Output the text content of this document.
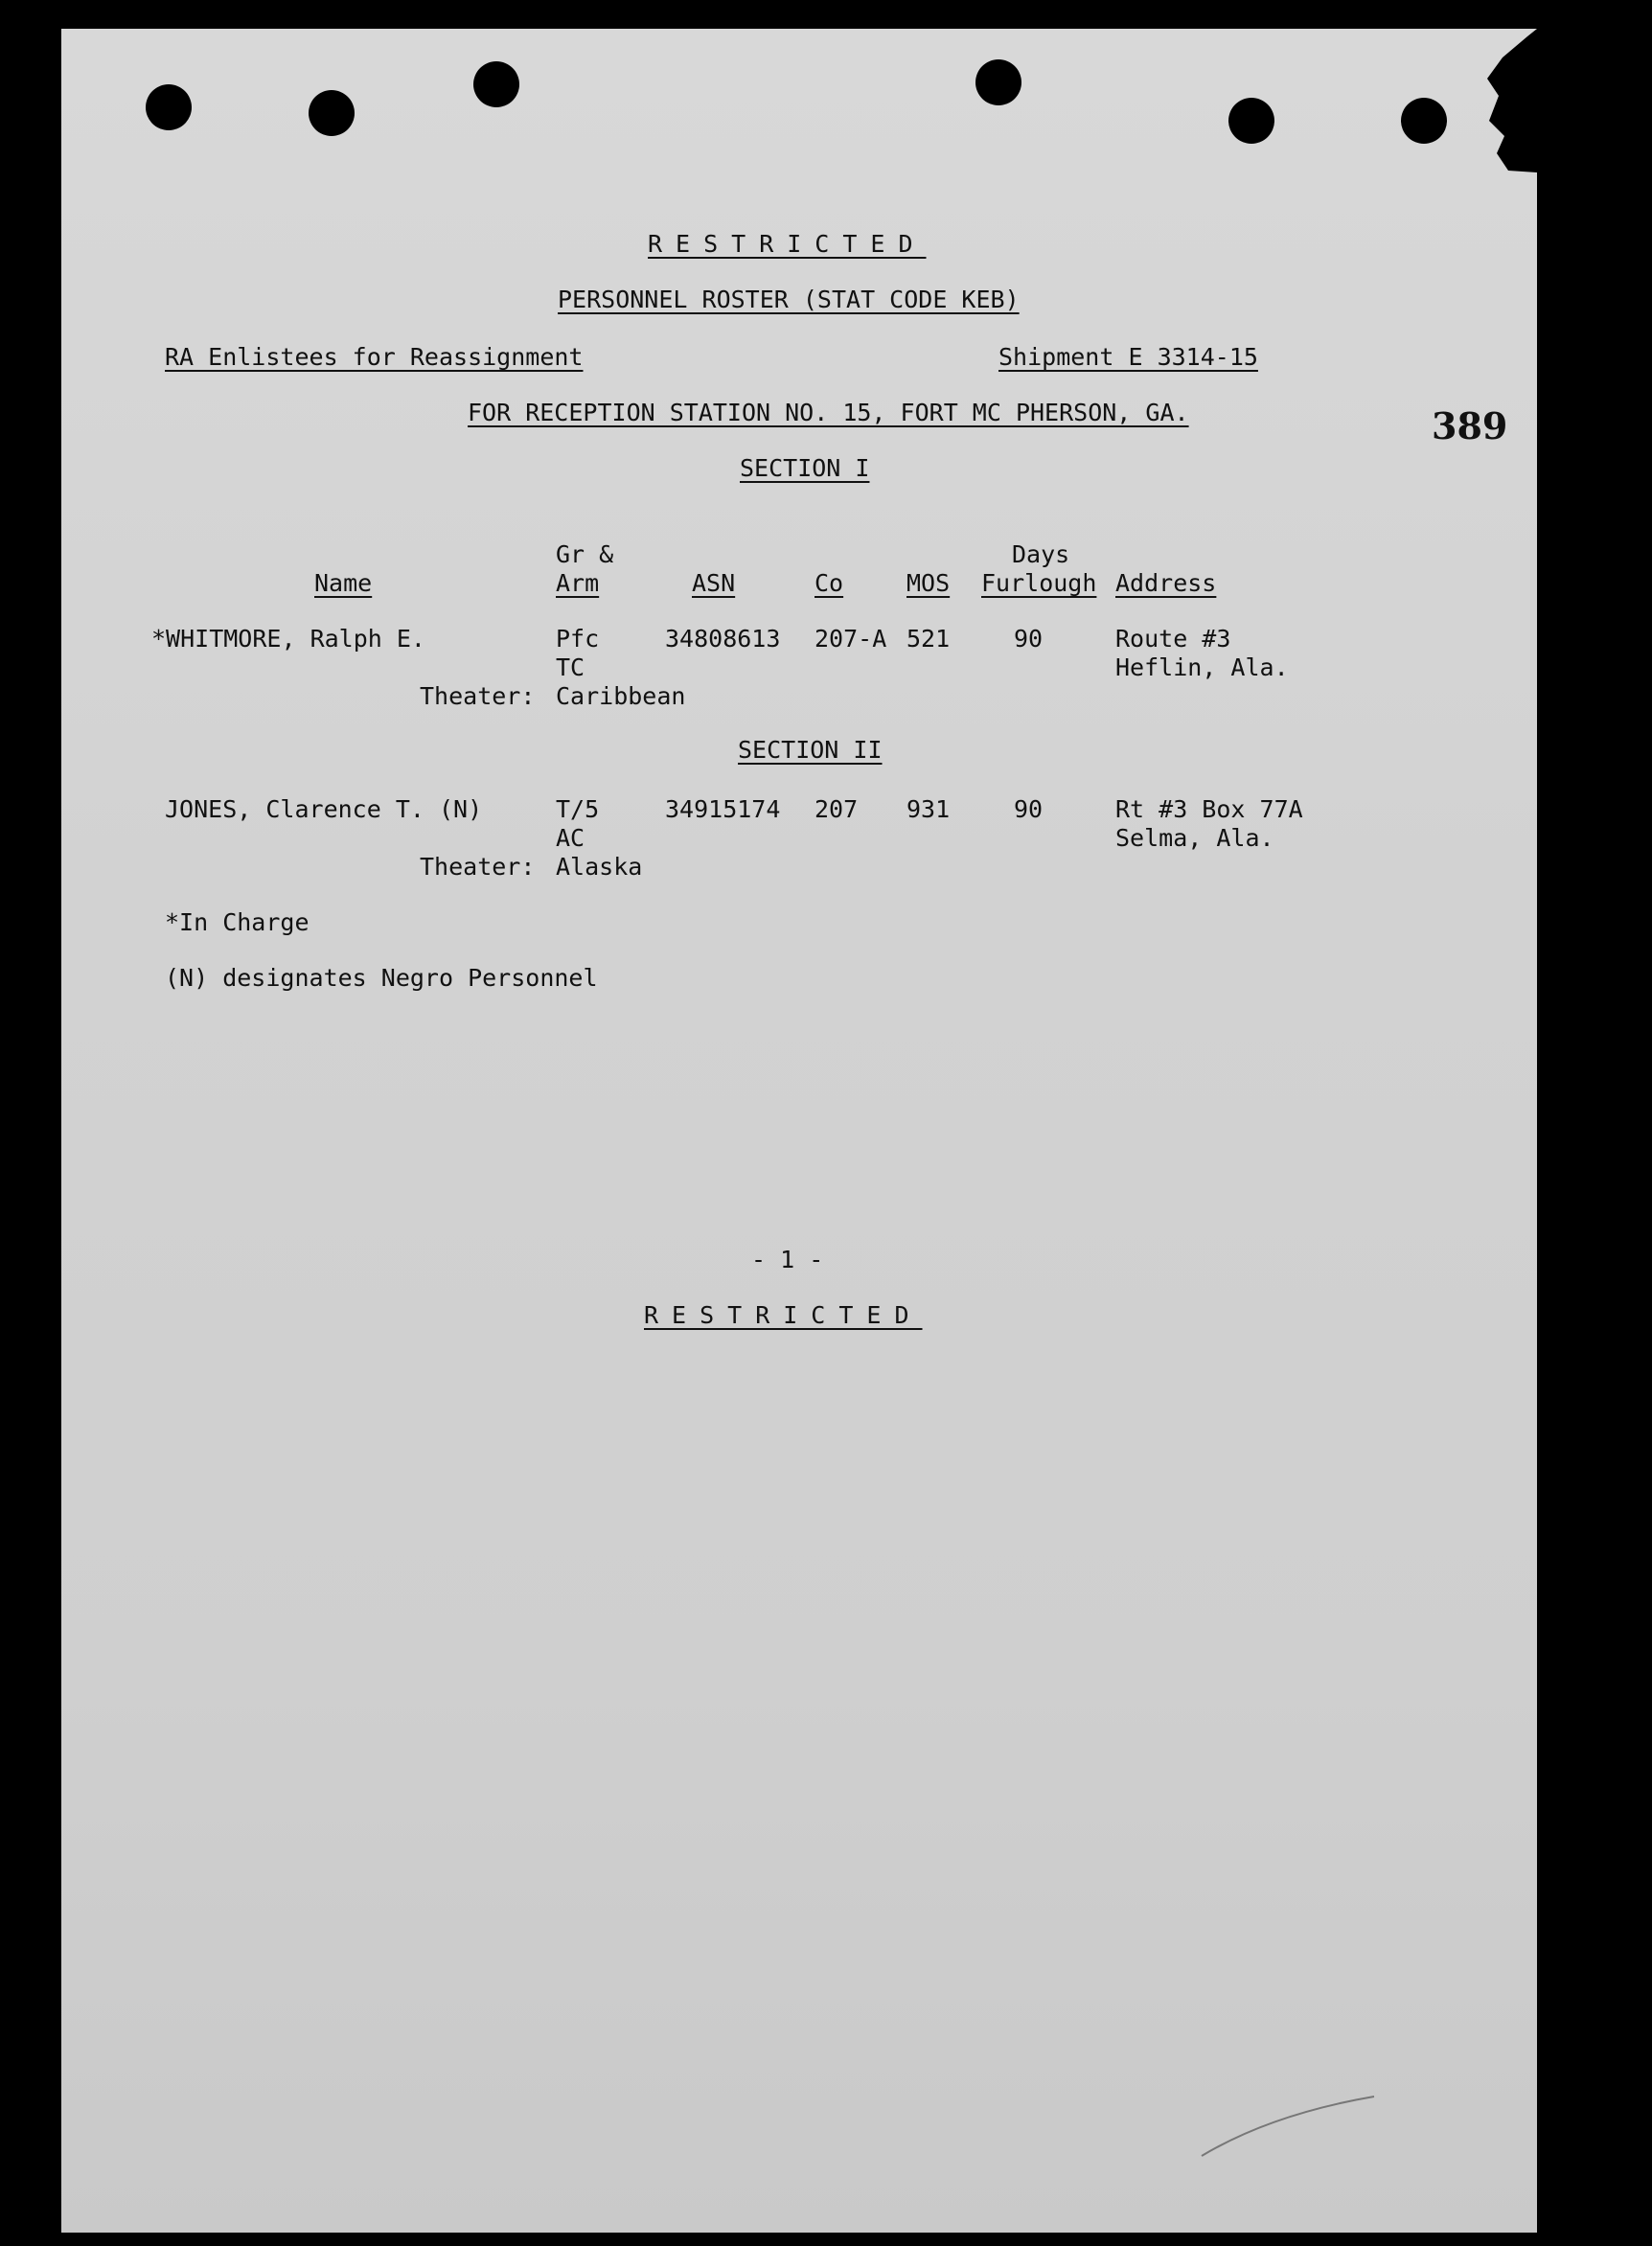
RESTRICTED
PERSONNEL ROSTER (STAT CODE KEB)
RA Enlistees for Reassignment	Shipment E 3314-15
389
FOR RECEPTION STATION NO. 15, FORT MC PHERSON, GA.
SECTION I
Gr &	Days
Name	Arm	ASN	Co	MOS Furlough Address
*WHITMORE, Ralph E.	Pfc	34808613 207-A 521	90	Route #3
TC	Heflin, Ala.
Theater: Caribbean
SECTION II
JONES, Clarence T. (N)	T/5	34915174 207 931	90	Rt #3 Box 77A
AC	Selma, Ala.
Theater: Alaska
*In Charge
(N) designates Negro Personnel
- 1 -
RESTRICTED
